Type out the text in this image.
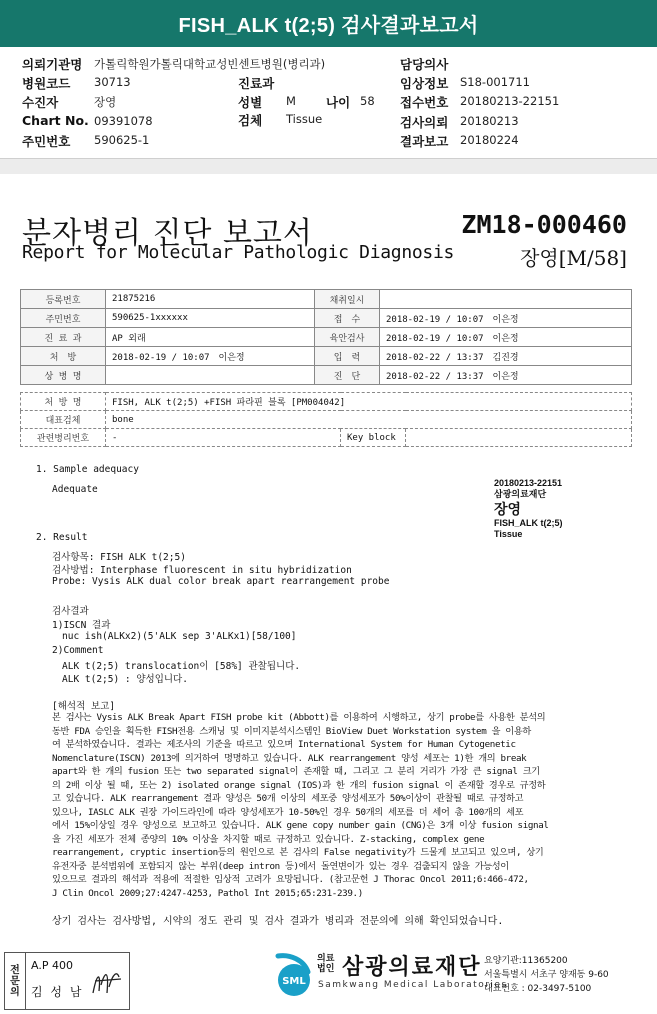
FISH_ALK t(2;5) 검사결과보고서
의뢰기관명 가톨릭학원가톨릭대학교성빈센트병원(병리과)	담당의사
병원코드 30713	진료과	임상정보 S18-001711
수진자	장영	성별 M 나이 58 접수번호 20180213-22151
Chart No. 09391078	검체 Tissue	검사의뢰 20180213
주민번호 590625-1	결과보고 20180224
분자병리 진단 보고서
Report for Molecular Pathologic Diagnosis
ZM18-000460
장영[M/58]
등록번호	21875216	채취일시	
주민번호	590625-1xxxxxx	접　수	2018-02-19 / 10:07　이은정
진 료 과	AP 외래	육안검사	2018-02-19 / 10:07　이은정
처　방	2018-02-19 / 10:07　이은정	입　력	2018-02-22 / 13:37　김진경
상 병 명		진　단	2018-02-22 / 13:37　이은정
처 방 명	FISH, ALK t(2;5) +FISH 파라핀 블록 [PM004042]		
대표검체	bone		
관련병리번호	-	Key block	
1. Sample adequacy
Adequate
20180213-22151
삼광의료재단
장영
FISH_ALK t(2;5)
Tissue
2. Result
검사항목: FISH ALK t(2;5)
검사방법: Interphase fluorescent in situ hybridization
Probe: Vysis ALK dual color break apart rearrangement probe
검사결과
1)ISCN 결과
nuc ish(ALKx2)(5'ALK sep 3'ALKx1)[58/100]
2)Comment
ALK t(2;5) translocation이 [58%] 관찰됩니다.
ALK t(2;5) : 양성입니다.
[해석적 보고]
본 검사는 Vysis ALK Break Apart FISH probe kit (Abbott)를 이용하여 시행하고, 상기 probe를 사용한 분석의
동반 FDA 승인을 획득한 FISH전용 스캐닝 및 이미지분석시스템인 BioView Duet Workstation system 을 이용하
여 분석하였습니다. 결과는 제조사의 기준을 따르고 있으며 International System for Human Cytogenetic
Nomenclature(ISCN) 2013에 의거하여 명명하고 있습니다. ALK rearrangement 양성 세포는 1)한 개의 break
apart와 한 개의 fusion 또는 two separated signal이 존재할 때, 그리고 그 분리 거리가 가장 큰 signal 크기
의 2배 이상 될 때, 또는 2) isolated orange signal (IOS)과 한 개의 fusion signal 이 존재할 경우로 규정하
고 있습니다. ALK rearrangement 결과 양성은 50개 이상의 세포중 양성세포가 50%이상이 관찰될 때로 규정하고
있으나, IASLC ALK 권장 가이드라인에 따라 양성세포가 10-50%인 경우 50개의 세포를 더 세어 총 100개의 세포
에서 15%이상일 경우 양성으로 보고하고 있습니다. ALK gene copy number gain (CNG)은 3개 이상 fusion signal
을 가진 세포가 전체 종양의 10% 이상을 차지할 때로 규정하고 있습니다. Z-stacking, complex gene
rearrangement, cryptic insertion등의 원인으로 본 검사의 False negativity가 드물게 보고되고 있으며, 상기
유전자중 분석범위에 포함되지 않는 부위(deep intron 등)에서 돌연변이가 있는 경우 검출되지 않을 가능성이
있으므로 결과의 해석과 적용에 적절한 임상적 고려가 요망됩니다. (참고문헌 J Thorac Oncol 2011;6:466-472,
J Clin Oncol 2009;27:4247-4253, Pathol Int 2015;65:231-239.)
상기 검사는 검사방법, 시약의 정도 관리 및 검사 결과가 병리과 전문의에 의해 확인되었습니다.
전
문
의
A.P 400
김 성 남
SML
의료
법인 삼광의료재단
Samkwang Medical Laboratories
요양기관:11365200
서울특별시 서초구 양재동 9-60
대표번호 : 02-3497-5100
